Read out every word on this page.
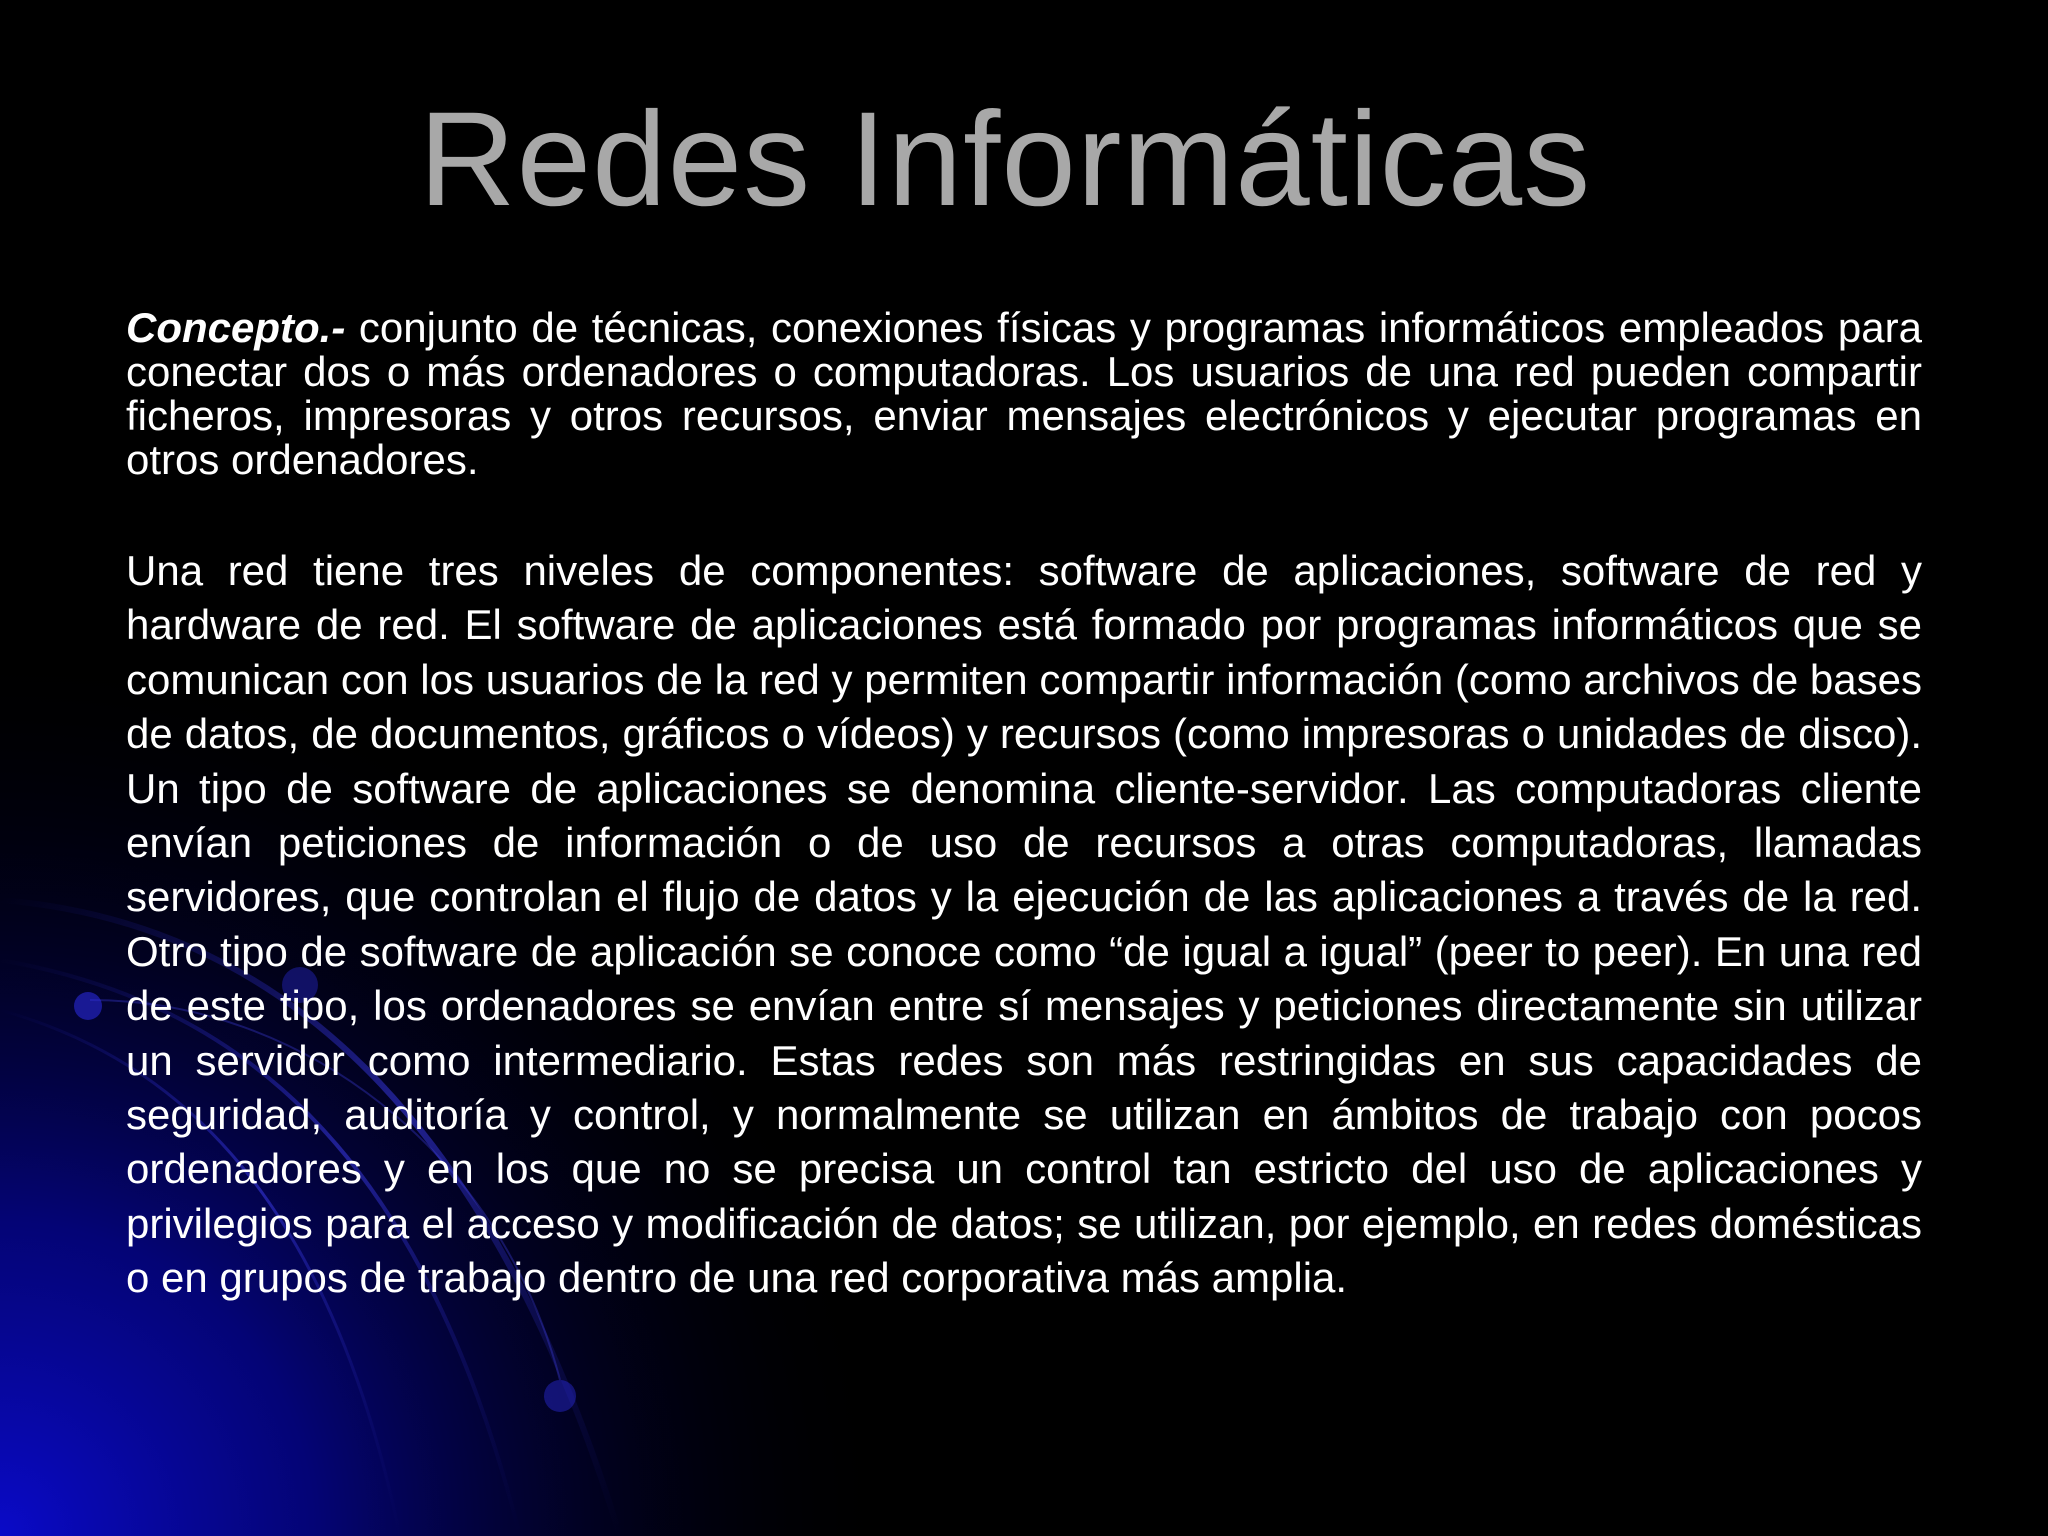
Redes Informáticas

Concepto.- conjunto de técnicas, conexiones físicas y programas informáticos empleados para conectar dos o más ordenadores o computadoras. Los usuarios de una red pueden compartir ficheros, impresoras y otros recursos, enviar mensajes electrónicos y ejecutar programas en otros ordenadores.

Una red tiene tres niveles de componentes: software de aplicaciones, software de red y hardware de red. El software de aplicaciones está formado por programas informáticos que se comunican con los usuarios de la red y permiten compartir información (como archivos de bases de datos, de documentos, gráficos o vídeos) y recursos (como impresoras o unidades de disco). Un tipo de software de aplicaciones se denomina cliente-servidor. Las computadoras cliente envían peticiones de información o de uso de recursos a otras computadoras, llamadas servidores, que controlan el flujo de datos y la ejecución de las aplicaciones a través de la red. Otro tipo de software de aplicación se conoce como “de igual a igual” (peer to peer). En una red de este tipo, los ordenadores se envían entre sí mensajes y peticiones directamente sin utilizar un servidor como intermediario. Estas redes son más restringidas en sus capacidades de seguridad, auditoría y control, y normalmente se utilizan en ámbitos de trabajo con pocos ordenadores y en los que no se precisa un control tan estricto del uso de aplicaciones y privilegios para el acceso y modificación de datos; se utilizan, por ejemplo, en redes domésticas o en grupos de trabajo dentro de una red corporativa más amplia.
